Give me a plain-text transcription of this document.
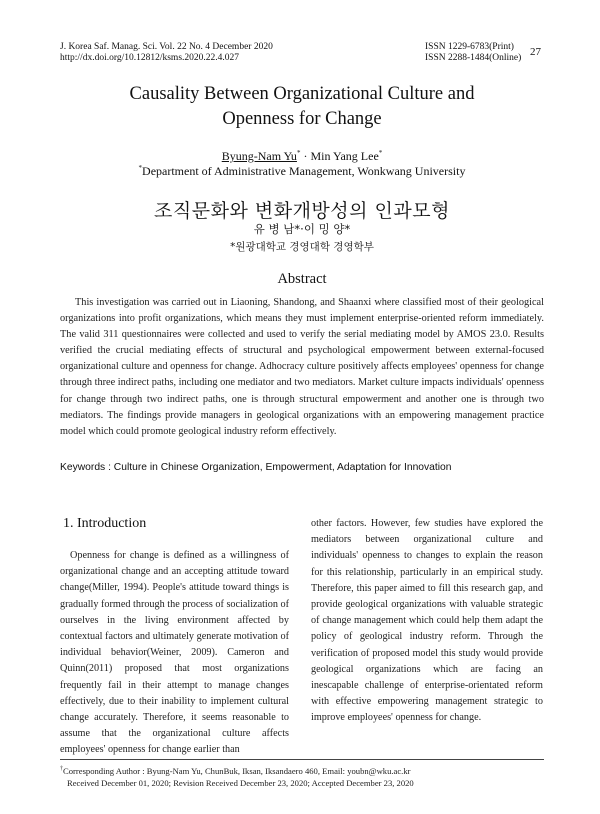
J. Korea Saf. Manag. Sci. Vol. 22 No. 4 December 2020
http://dx.doi.org/10.12812/ksms.2020.22.4.027
ISSN 1229-6783(Print)
ISSN 2288-1484(Online) 27
Causality Between Organizational Culture and
Openness for Change
Byung-Nam Yu* · Min Yang Lee*
*Department of Administrative Management, Wonkwang University
조직문화와 변화개방성의 인과모형
유 병 남*·이 밍 양*
*원광대학교 경영대학 경영학부
Abstract
This investigation was carried out in Liaoning, Shandong, and Shaanxi where classified most of their geological organizations into profit organizations, which means they must implement enterprise-oriented reform immediately. The valid 311 questionnaires were collected and used to verify the serial mediating model by AMOS 23.0. Results verified the crucial mediating effects of structural and psychological empowerment between external-focused organizational culture and openness for change. Adhocracy culture positively affects employees' openness for change through three indirect paths, including one mediator and two mediators. Market culture impacts individuals' openness for change through two indirect paths, one is through structural empowerment and another one is through two mediators. The findings provide managers in geological organizations with an empowering management practice model which could promote geological industry reform effectively.
Keywords : Culture in Chinese Organization, Empowerment, Adaptation for Innovation
1. Introduction
Openness for change is defined as a willingness of organizational change and an accepting attitude toward change(Miller, 1994). People's attitude toward things is gradually formed through the process of socialization of ourselves in the living environment affected by contextual factors and ultimately generate motivation of individual behavior(Weiner, 2009). Cameron and Quinn(2011) proposed that most organizations frequently fail in their attempt to manage changes effectively, due to their inability to implement cultural change accurately. Therefore, it seems reasonable to assume that the organizational culture affects employees' openness for change earlier than
other factors. However, few studies have explored the mediators between organizational culture and individuals' openness to changes to explain the reason for this relationship, particularly in an empirical study. Therefore, this paper aimed to fill this research gap, and provide geological organizations with valuable strategic of change management which could help them adapt the policy of geological industry reform. Through the verification of proposed model this study would provide geological organizations which are facing an inescapable challenge of enterprise-orientated reform with effective empowering management strategic to improve employees' openness for change.
†Corresponding Author : Byung-Nam Yu, ChunBuk, Iksan, Iksandaero 460, Email: youbn@wku.ac.kr
Received December 01, 2020; Revision Received December 23, 2020; Accepted December 23, 2020
